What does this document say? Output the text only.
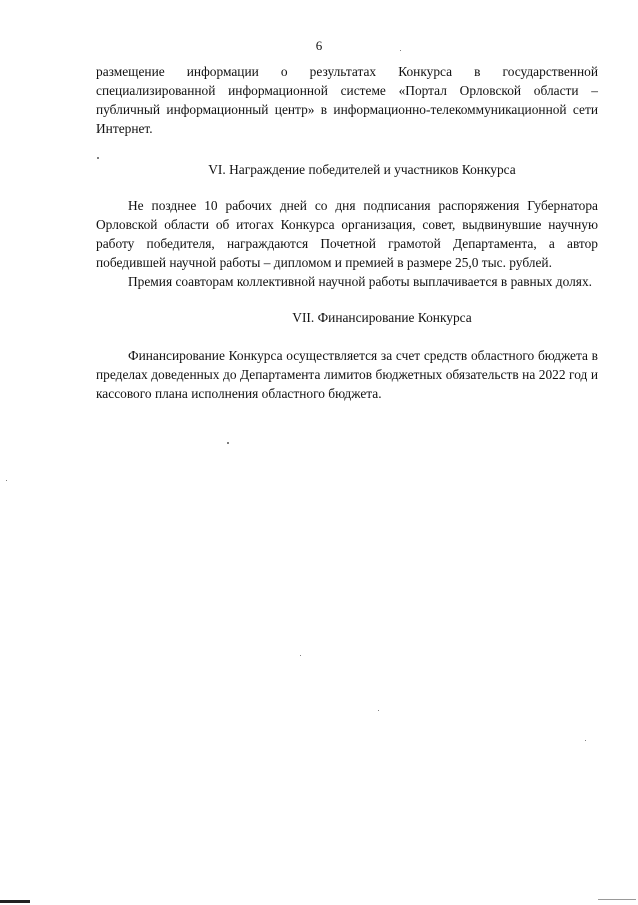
6

размещение информации о результатах Конкурса в государственной специализированной информационной системе «Портал Орловской области – публичный информационный центр» в информационно-телекоммуникационной сети Интернет.

VI. Награждение победителей и участников Конкурса

Не позднее 10 рабочих дней со дня подписания распоряжения Губернатора Орловской области об итогах Конкурса организация, совет, выдвинувшие научную работу победителя, награждаются Почетной грамотой Департамента, а автор победившей научной работы – дипломом и премией в размере 25,0 тыс. рублей.

Премия соавторам коллективной научной работы выплачивается в равных долях.

VII. Финансирование Конкурса

Финансирование Конкурса осуществляется за счет средств областного бюджета в пределах доведенных до Департамента лимитов бюджетных обязательств на 2022 год и кассового плана исполнения областного бюджета.
